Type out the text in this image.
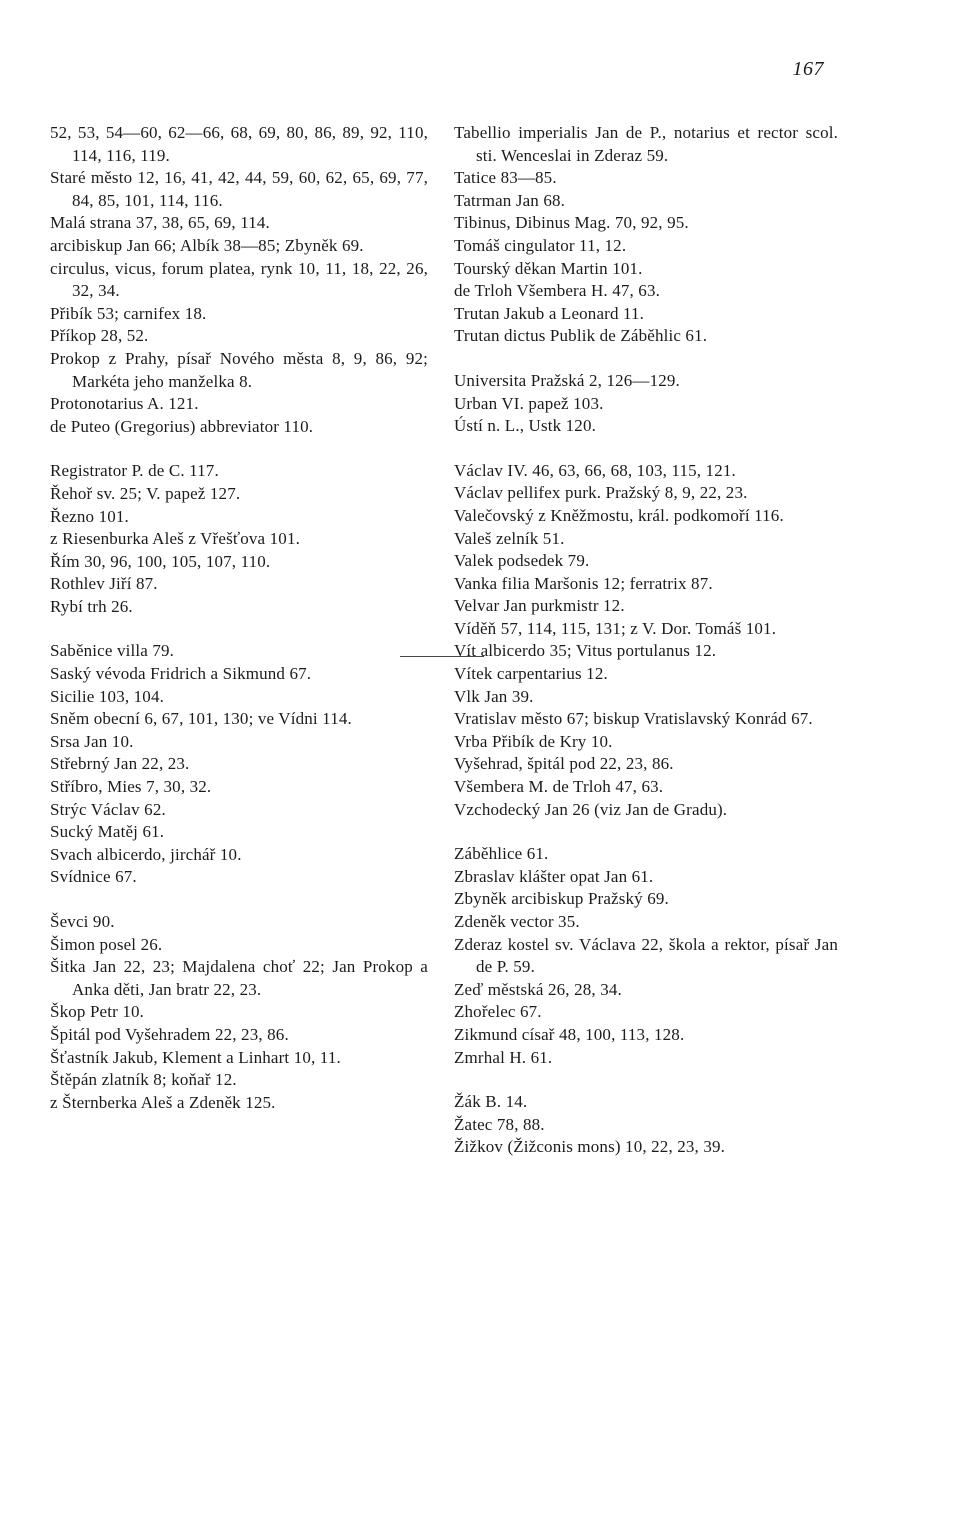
167
52, 53, 54—60, 62—66, 68, 69, 80, 86, 89, 92, 110, 114, 116, 119.
Staré město 12, 16, 41, 42, 44, 59, 60, 62, 65, 69, 77, 84, 85, 101, 114, 116.
Malá strana 37, 38, 65, 69, 114.
arcibiskup Jan 66; Albík 38—85; Zbyněk 69.
circulus, vicus, forum platea, rynk 10, 11, 18, 22, 26, 32, 34.
Přibík 53; carnifex 18.
Příkop 28, 52.
Prokop z Prahy, písař Nového města 8, 9, 86, 92; Markéta jeho manželka 8.
Protonotarius A. 121.
de Puteo (Gregorius) abbreviator 110.
Registrator P. de C. 117.
Řehoř sv. 25; V. papež 127.
Řezno 101.
z Riesenburka Aleš z Vřešťova 101.
Řím 30, 96, 100, 105, 107, 110.
Rothlev Jiří 87.
Rybí trh 26.
Saběnice villa 79.
Saský vévoda Fridrich a Sikmund 67.
Sicilie 103, 104.
Sněm obecní 6, 67, 101, 130; ve Vídni 114.
Srsa Jan 10.
Střebrný Jan 22, 23.
Stříbro, Mies 7, 30, 32.
Strýc Václav 62.
Sucký Matěj 61.
Svach albicerdo, jirchář 10.
Svídnice 67.
Ševci 90.
Šimon posel 26.
Šitka Jan 22, 23; Majdalena choť 22; Jan Prokop a Anka děti, Jan bratr 22, 23.
Škop Petr 10.
Špitál pod Vyšehradem 22, 23, 86.
Šťastník Jakub, Klement a Linhart 10, 11.
Štěpán zlatník 8; koňař 12.
z Šternberka Aleš a Zdeněk 125.
Tabellio imperialis Jan de P., notarius et rector scol. sti. Wenceslai in Zderaz 59.
Tatice 83—85.
Tatrman Jan 68.
Tibinus, Dibinus Mag. 70, 92, 95.
Tomáš cingulator 11, 12.
Tourský děkan Martin 101.
de Trloh Všembera H. 47, 63.
Trutan Jakub a Leonard 11.
Trutan dictus Publik de Záběhlic 61.
Universita Pražská 2, 126—129.
Urban VI. papež 103.
Ústí n. L., Ustk 120.
Václav IV. 46, 63, 66, 68, 103, 115, 121.
Václav pellifex purk. Pražský 8, 9, 22, 23.
Valečovský z Kněžmostu, král. podkomoří 116.
Valeš zelník 51.
Valek podsedek 79.
Vanka filia Maršonis 12; ferratrix 87.
Velvar Jan purkmistr 12.
Víděň 57, 114, 115, 131; z V. Dor. Tomáš 101.
Vít albicerdo 35; Vitus portulanus 12.
Vítek carpentarius 12.
Vlk Jan 39.
Vratislav město 67; biskup Vratislavský Konrád 67.
Vrba Přibík de Kry 10.
Vyšehrad, špitál pod 22, 23, 86.
Všembera M. de Trloh 47, 63.
Vzchodecký Jan 26 (viz Jan de Gradu).
Záběhlice 61.
Zbraslav klášter opat Jan 61.
Zbyněk arcibiskup Pražský 69.
Zdeněk vector 35.
Zderaz kostel sv. Václava 22, škola a rektor, písař Jan de P. 59.
Zeď městská 26, 28, 34.
Zhořelec 67.
Zikmund císař 48, 100, 113, 128.
Zmrhal H. 61.
Žák B. 14.
Žatec 78, 88.
Žižkov (Žižconis mons) 10, 22, 23, 39.
